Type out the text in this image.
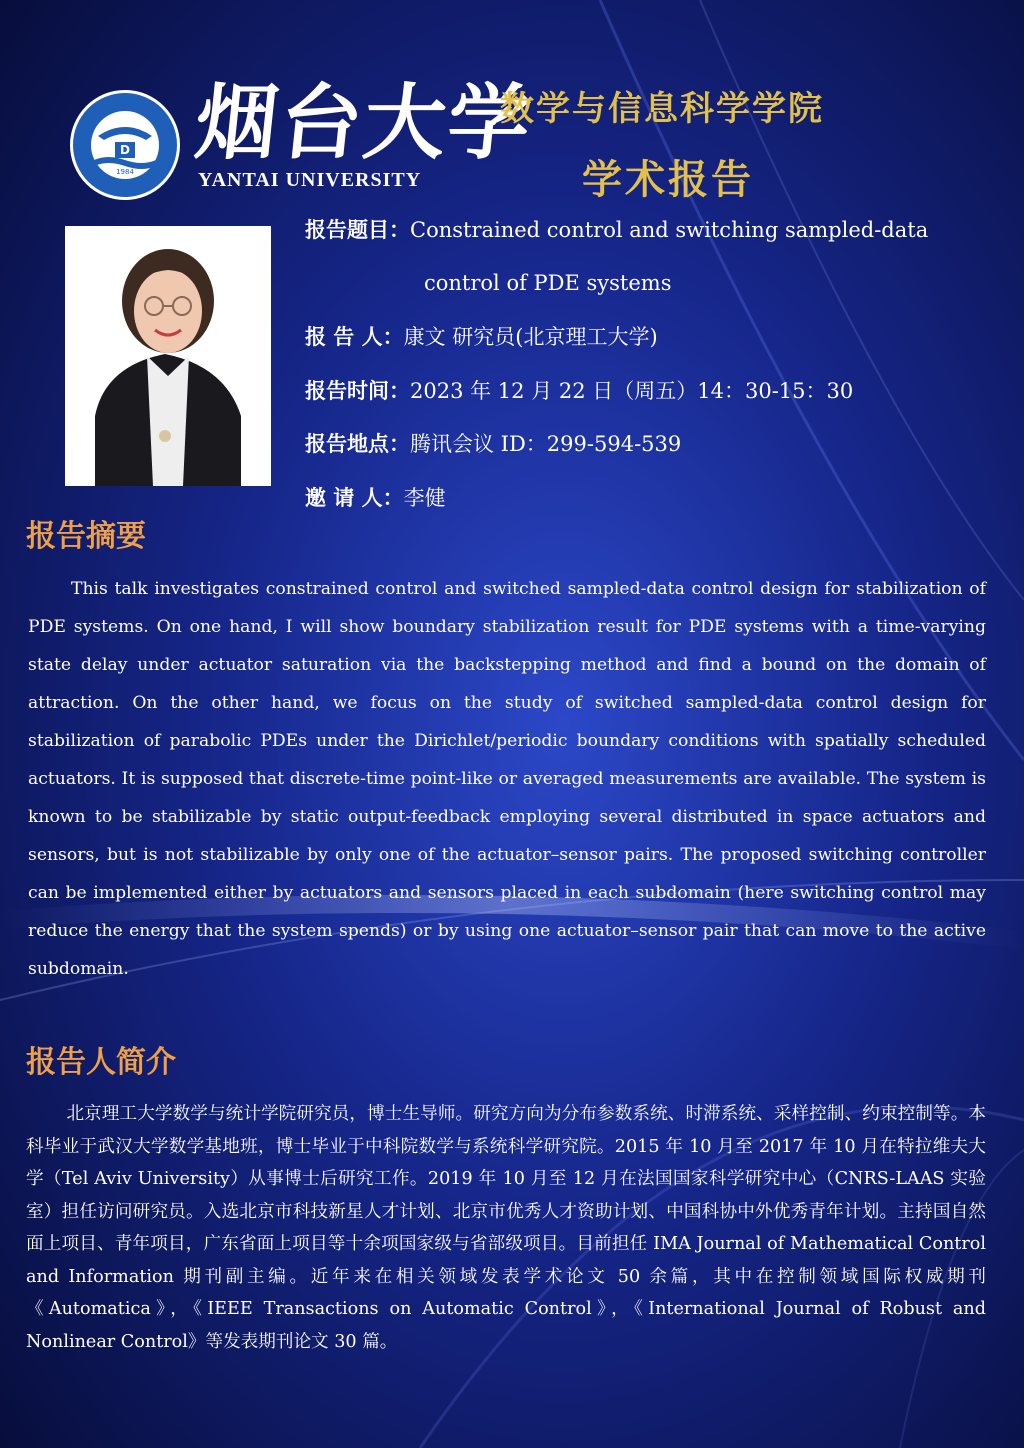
D
1984
烟台大学
YANTAI UNIVERSITY
数学与信息科学学院
学术报告
报告题目：Constrained control and switching sampled-data
control of PDE systems
报 告 人：康文 研究员(北京理工大学)
报告时间：2023 年 12 月 22 日（周五）14：30-15：30
报告地点：腾讯会议 ID：299-594-539
邀 请 人：李健
报告摘要
This talk investigates constrained control and switched sampled-data control design for stabilization of PDE systems. On one hand, I will show boundary stabilization result for PDE systems with a time-varying state delay under actuator saturation via the backstepping method and find a bound on the domain of attraction. On the other hand, we focus on the study of switched sampled-data control design for stabilization of parabolic PDEs under the Dirichlet/periodic boundary conditions with spatially scheduled actuators. It is supposed that discrete-time point-like or averaged measurements are available. The system is known to be stabilizable by static output-feedback employing several distributed in space actuators and sensors, but is not stabilizable by only one of the actuator–sensor pairs. The proposed switching controller can be implemented either by actuators and sensors placed in each subdomain (here switching control may reduce the energy that the system spends) or by using one actuator–sensor pair that can move to the active subdomain.
报告人简介
北京理工大学数学与统计学院研究员，博士生导师。研究方向为分布参数系统、时滞系统、采样控制、约束控制等。本科毕业于武汉大学数学基地班，博士毕业于中科院数学与系统科学研究院。2015 年 10 月至 2017 年 10 月在特拉维夫大学（Tel Aviv University）从事博士后研究工作。2019 年 10 月至 12 月在法国国家科学研究中心（CNRS-LAAS 实验室）担任访问研究员。入选北京市科技新星人才计划、北京市优秀人才资助计划、中国科协中外优秀青年计划。主持国自然面上项目、青年项目，广东省面上项目等十余项国家级与省部级项目。目前担任 IMA Journal of Mathematical Control and Information 期刊副主编。近年来在相关领域发表学术论文 50 余篇，其中在控制领域国际权威期刊《Automatica》，《IEEE Transactions on Automatic Control》，《International Journal of Robust and Nonlinear Control》等发表期刊论文 30 篇。
